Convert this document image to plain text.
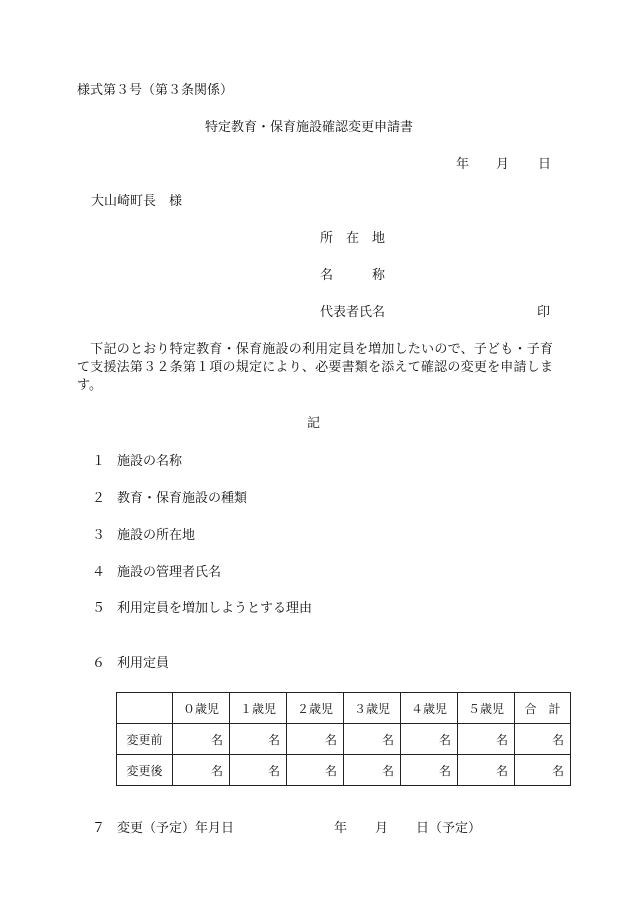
様式第３号（第３条関係）
特定教育・保育施設確認変更申請書
年 月 日
大山崎町長　様
所　在　地
名　　　称
代表者氏名	印
　下記のとおり特定教育・保育施設の利用定員を増加したいので、子ども・子育て支援法第３２条第１項の規定により、必要書類を添えて確認の変更を申請します。
記
１ 施設の名称
２ 教育・保育施設の種類
３ 施設の所在地
４ 施設の管理者氏名
５ 利用定員を増加しようとする理由
６ 利用定員
	０歳児	１歳児	２歳児	３歳児	４歳児	５歳児	合　計
変更前	名	名	名	名	名	名	名
変更後	名	名	名	名	名	名	名
７ 変更（予定）年月日	年 月 日（予定）
